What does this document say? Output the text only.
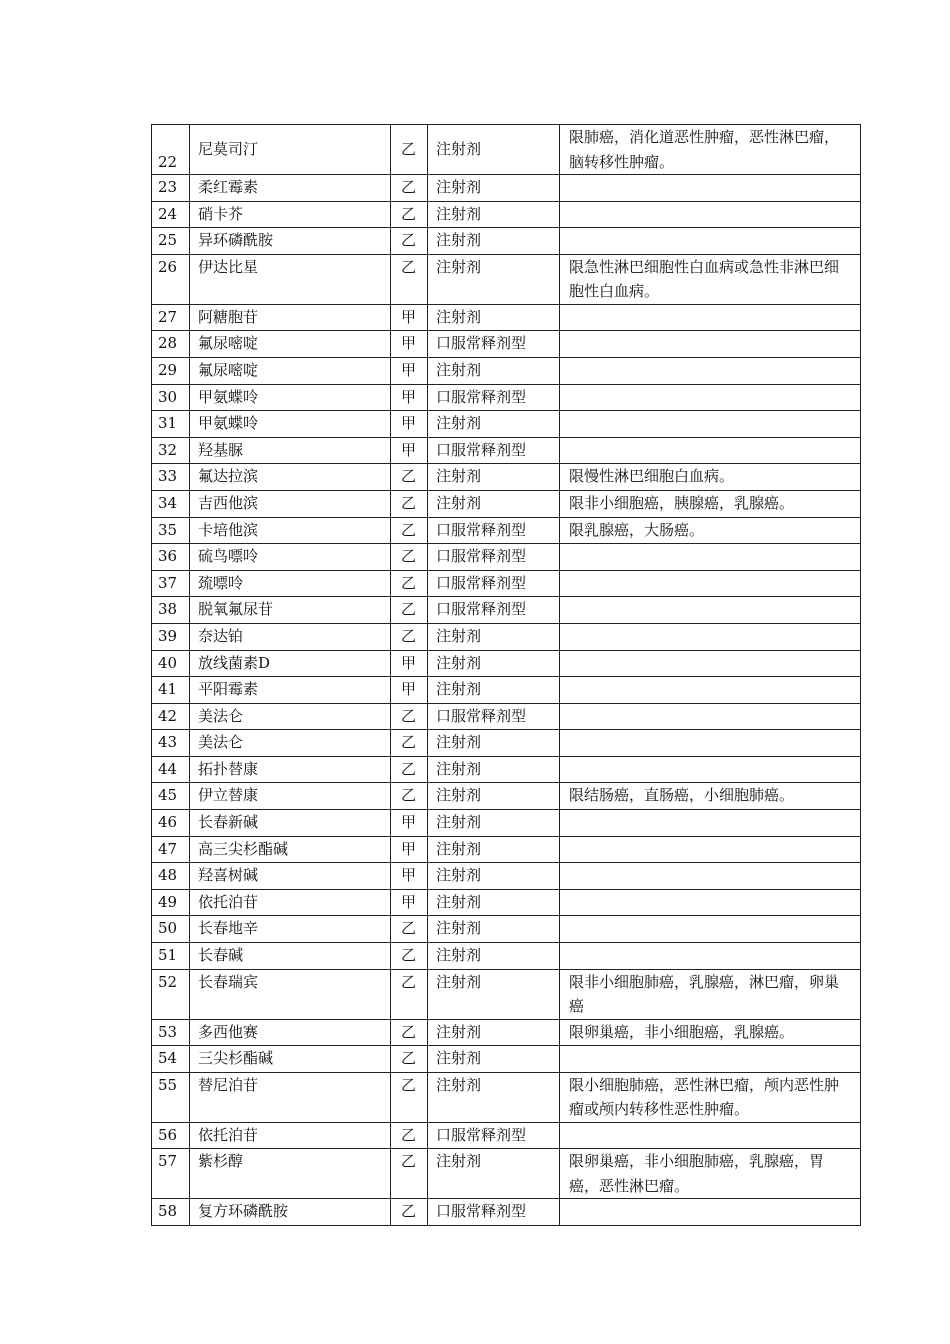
22	尼莫司汀	乙	注射剂	限肺癌，消化道恶性肿瘤，恶性淋巴瘤，脑转移性肿瘤。
23	柔红霉素	乙	注射剂	
24	硝卡芥	乙	注射剂	
25	异环磷酰胺	乙	注射剂	
26	伊达比星	乙	注射剂	限急性淋巴细胞性白血病或急性非淋巴细胞性白血病。
27	阿糖胞苷	甲	注射剂	
28	氟尿嘧啶	甲	口服常释剂型	
29	氟尿嘧啶	甲	注射剂	
30	甲氨蝶呤	甲	口服常释剂型	
31	甲氨蝶呤	甲	注射剂	
32	羟基脲	甲	口服常释剂型	
33	氟达拉滨	乙	注射剂	限慢性淋巴细胞白血病。
34	吉西他滨	乙	注射剂	限非小细胞癌，胰腺癌，乳腺癌。
35	卡培他滨	乙	口服常释剂型	限乳腺癌，大肠癌。
36	硫鸟嘌呤	乙	口服常释剂型	
37	巯嘌呤	乙	口服常释剂型	
38	脱氧氟尿苷	乙	口服常释剂型	
39	奈达铂	乙	注射剂	
40	放线菌素D	甲	注射剂	
41	平阳霉素	甲	注射剂	
42	美法仑	乙	口服常释剂型	
43	美法仑	乙	注射剂	
44	拓扑替康	乙	注射剂	
45	伊立替康	乙	注射剂	限结肠癌，直肠癌，小细胞肺癌。
46	长春新碱	甲	注射剂	
47	高三尖杉酯碱	甲	注射剂	
48	羟喜树碱	甲	注射剂	
49	依托泊苷	甲	注射剂	
50	长春地辛	乙	注射剂	
51	长春碱	乙	注射剂	
52	长春瑞宾	乙	注射剂	限非小细胞肺癌，乳腺癌，淋巴瘤，卵巢癌
53	多西他赛	乙	注射剂	限卵巢癌，非小细胞癌，乳腺癌。
54	三尖杉酯碱	乙	注射剂	
55	替尼泊苷	乙	注射剂	限小细胞肺癌，恶性淋巴瘤，颅内恶性肿瘤或颅内转移性恶性肿瘤。
56	依托泊苷	乙	口服常释剂型	
57	紫杉醇	乙	注射剂	限卵巢癌，非小细胞肺癌，乳腺癌，胃癌，恶性淋巴瘤。
58	复方环磷酰胺	乙	口服常释剂型	
